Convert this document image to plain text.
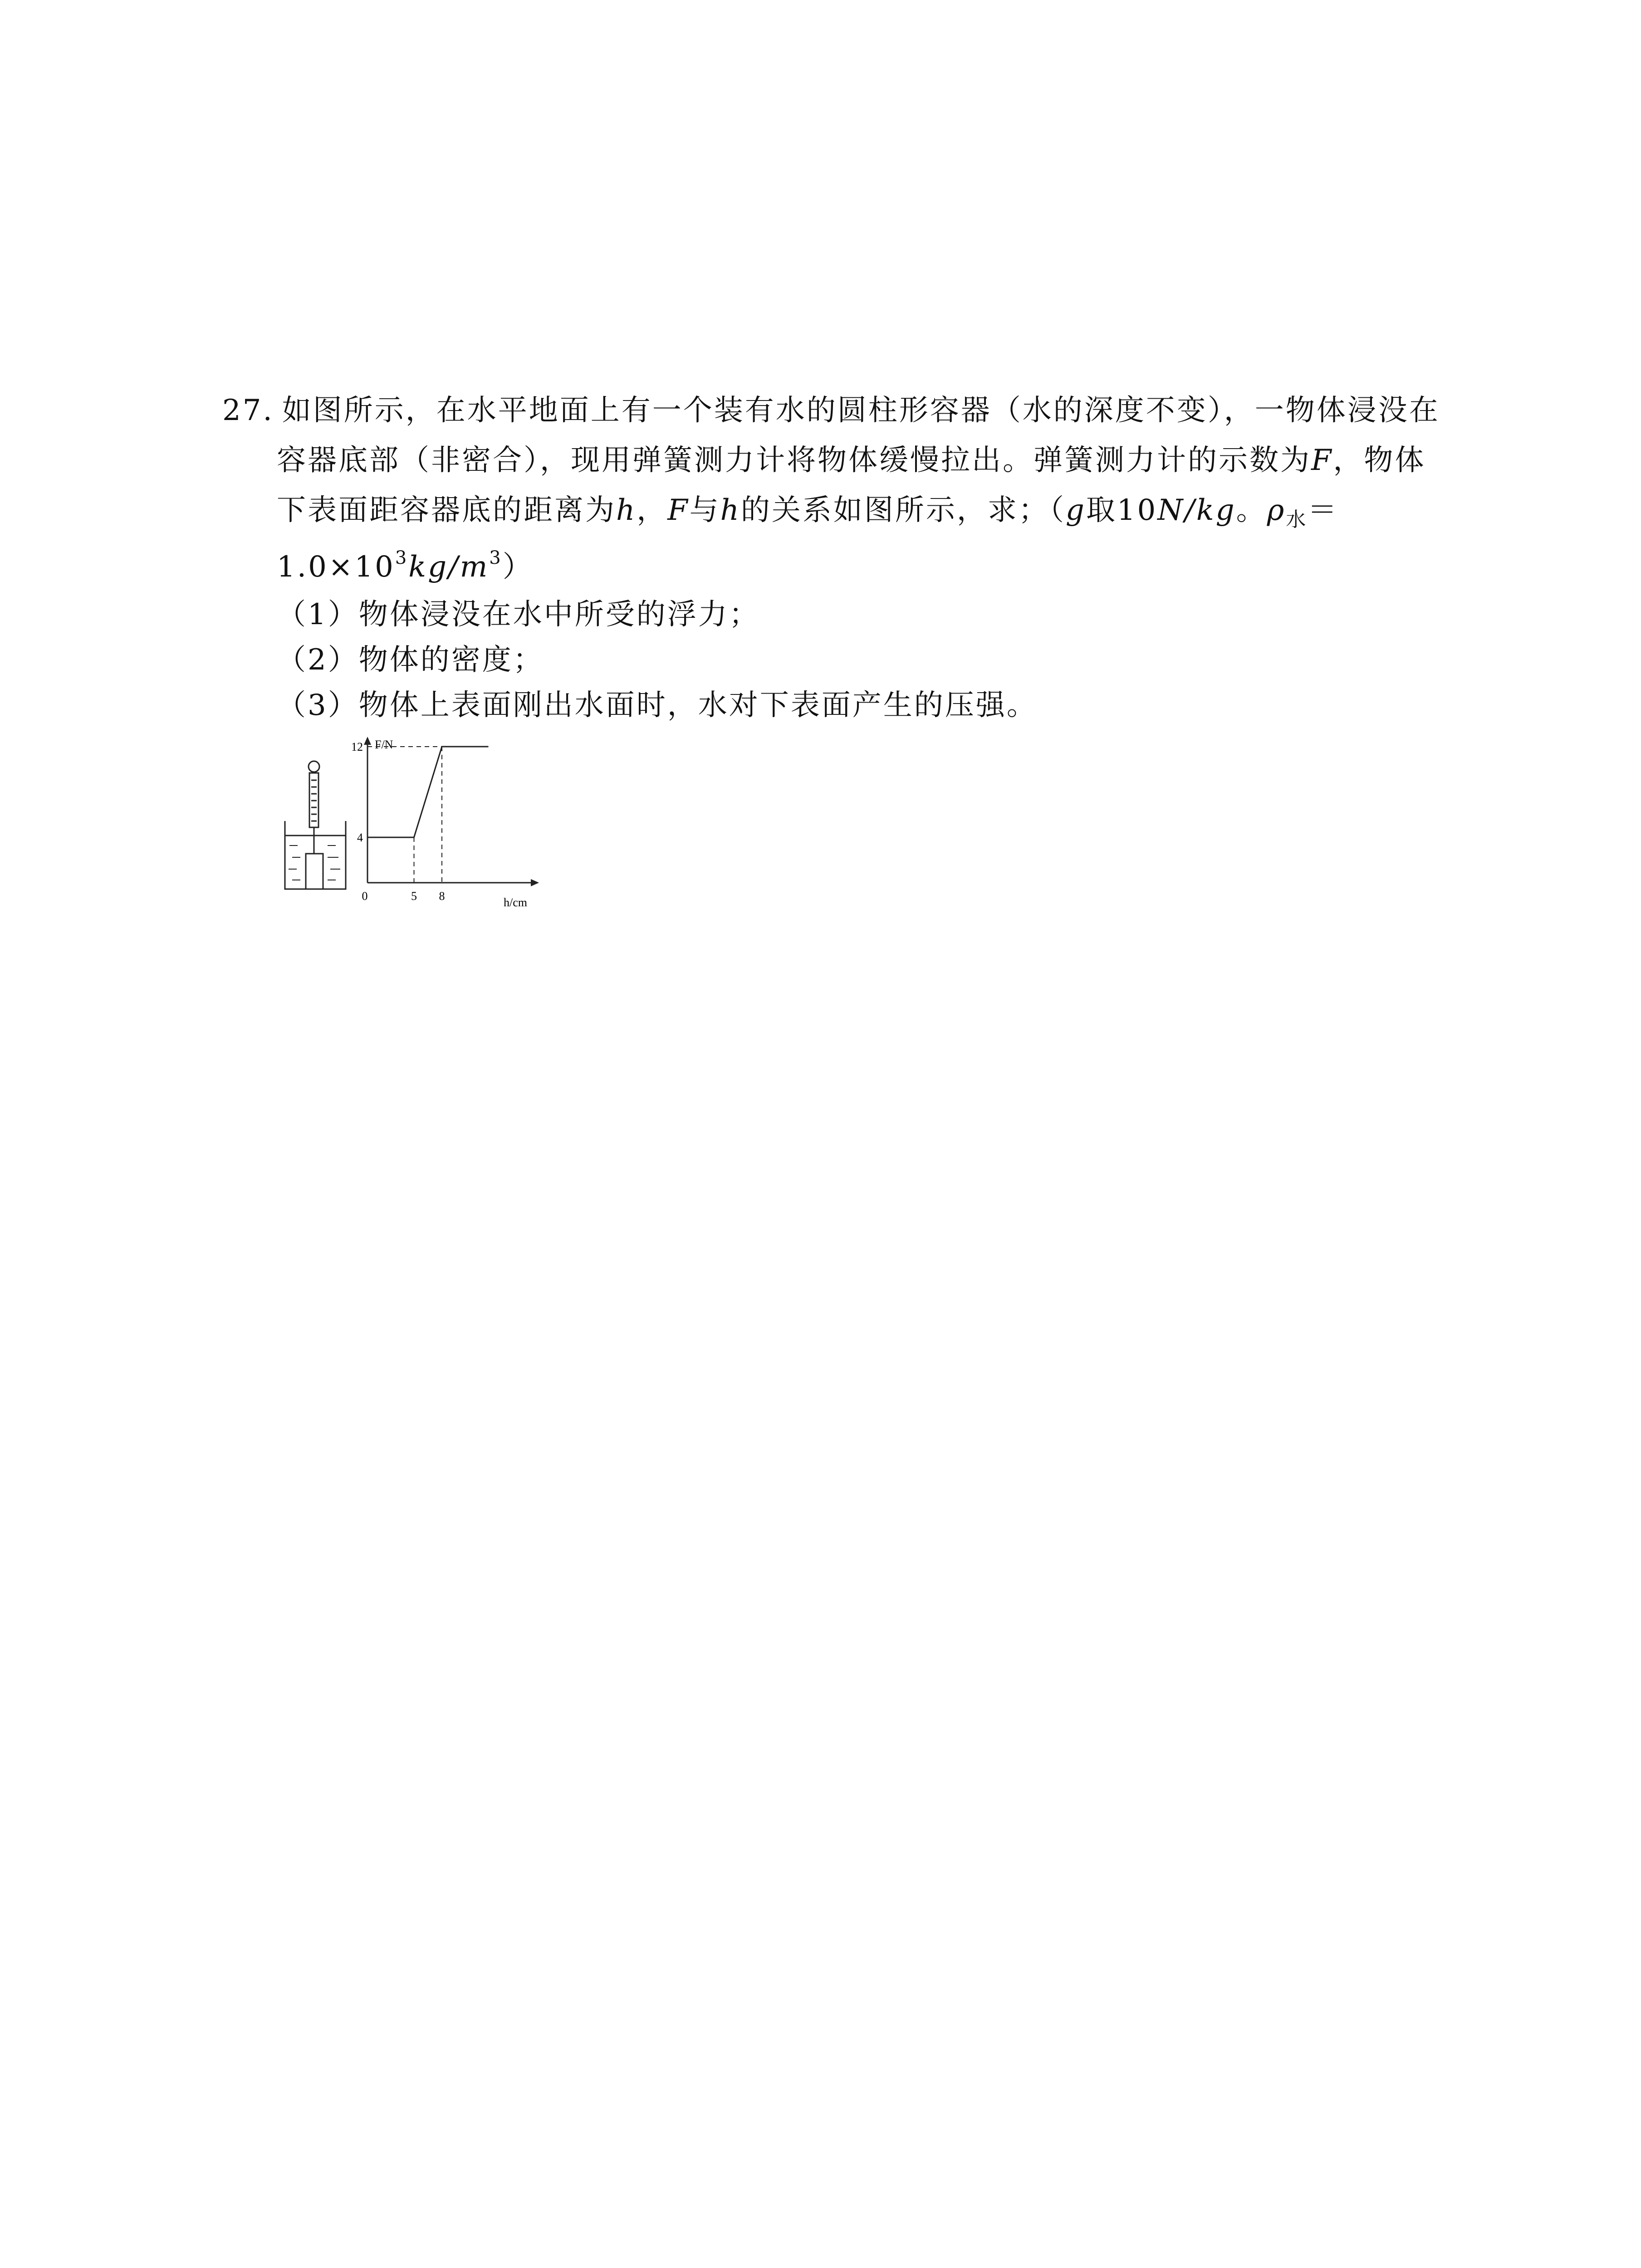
27. 如图所示，在水平地面上有一个装有水的圆柱形容器（水的深度不变），一物体浸没在
容器底部（非密合），现用弹簧测力计将物体缓慢拉出。弹簧测力计的示数为F，物体
下表面距容器底的距离为h，F与h的关系如图所示，求；（g取10N/kg。$\rho_水=$
$1.0\times 10^3kg/m^3$）
（1）物体浸没在水中所受的浮力；
（2）物体的密度；
（3）物体上表面刚出水面时，水对下表面产生的压强。
F/N
h/cm
0	5 8
4
12
